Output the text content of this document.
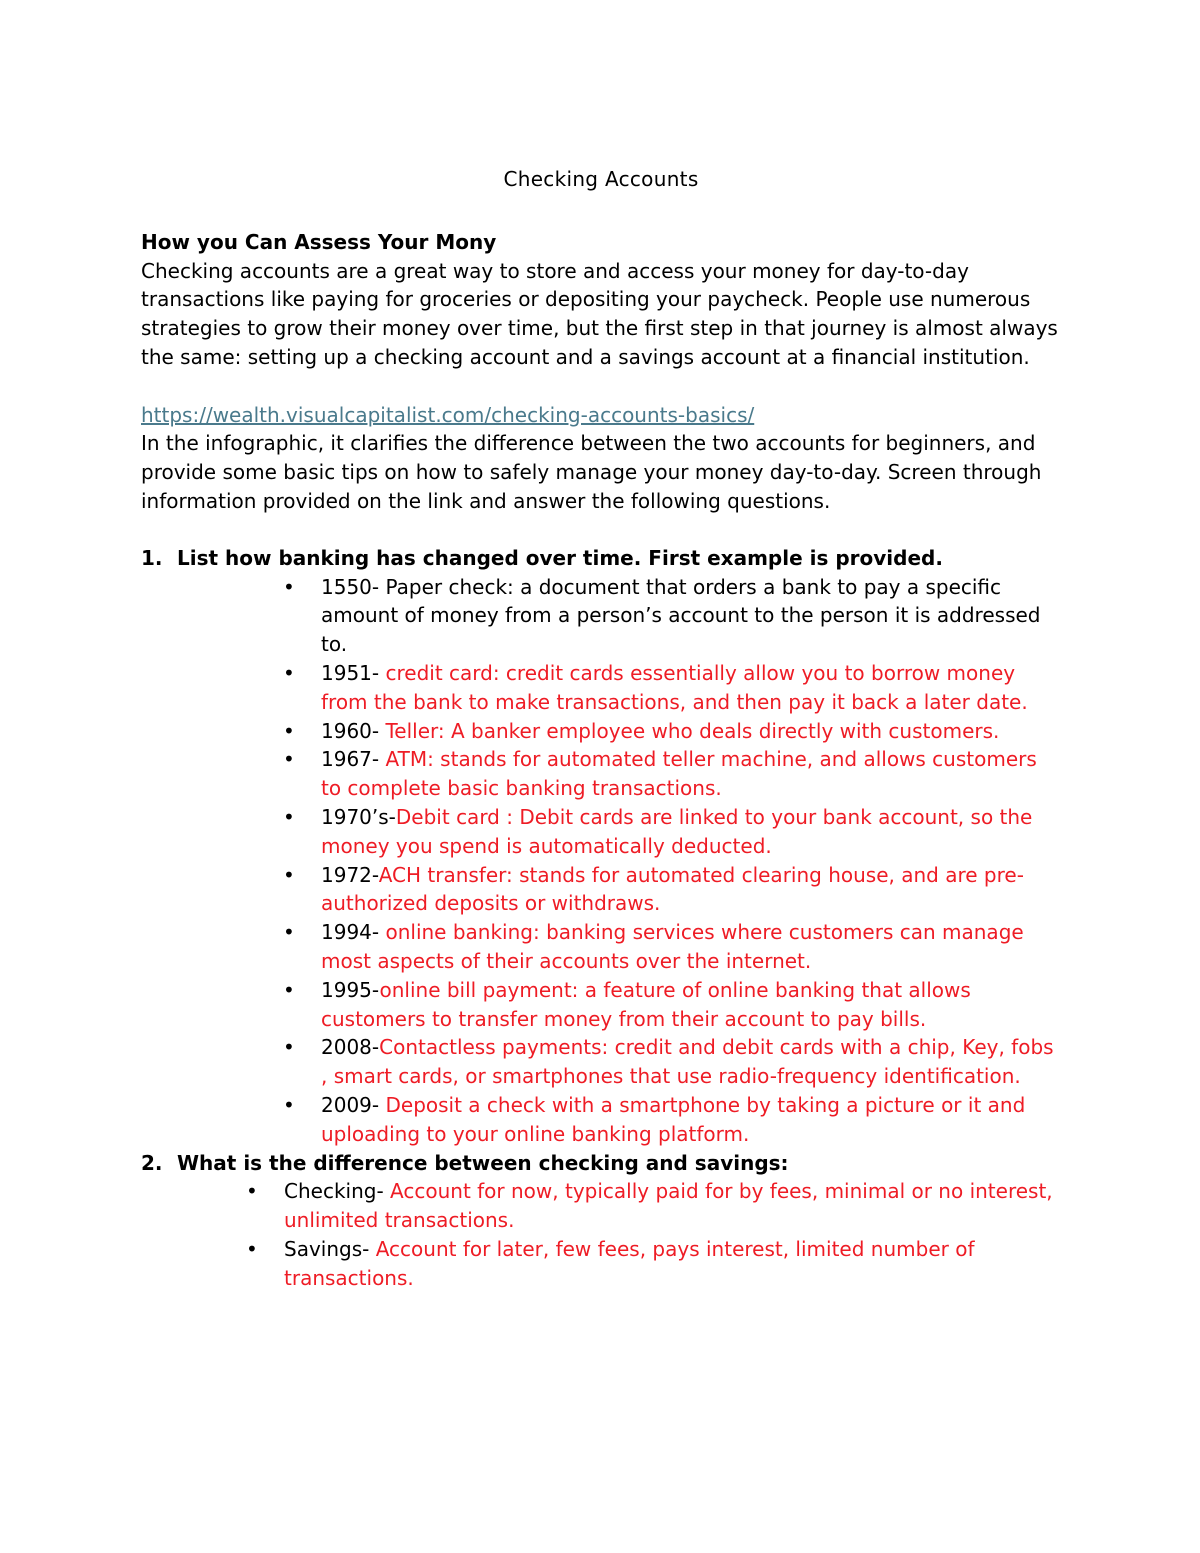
Checking Accounts
How you Can Assess Your Mony

Checking accounts are a great way to store and access your money for day-to-day transactions like paying for groceries or depositing your paycheck. People use numerous strategies to grow their money over time, but the first step in that journey is almost always the same: setting up a checking account and a savings account at a financial institution.

https://wealth.visualcapitalist.com/checking-accounts-basics/

In the infographic, it clarifies the difference between the two accounts for beginners, and provide some basic tips on how to safely manage your money day-to-day. Screen through information provided on the link and answer the following questions.

1. List how banking has changed over time. First example is provided.
•	1550- Paper check: a document that orders a bank to pay a specific amount of money from a person’s account to the person it is addressed to.
•	1951- credit card: credit cards essentially allow you to borrow money from the bank to make transactions, and then pay it back a later date.
•	1960- Teller: A banker employee who deals directly with customers.
•	1967- ATM: stands for automated teller machine, and allows customers to complete basic banking transactions.
•	1970’s-Debit card : Debit cards are linked to your bank account, so the money you spend is automatically deducted.
•	1972-ACH transfer: stands for automated clearing house, and are pre-authorized deposits or withdraws.
•	1994- online banking: banking services where customers can manage most aspects of their accounts over the internet.
•	1995-online bill payment: a feature of online banking that allows customers to transfer money from their account to pay bills.
•	2008-Contactless payments: credit and debit cards with a chip, Key, fobs , smart cards, or smartphones that use radio-frequency identification.
•	2009- Deposit a check with a smartphone by taking a picture or it and uploading to your online banking platform.
2. What is the difference between checking and savings:
•	Checking- Account for now, typically paid for by fees, minimal or no interest, unlimited transactions.
•	Savings- Account for later, few fees, pays interest, limited number of transactions.
